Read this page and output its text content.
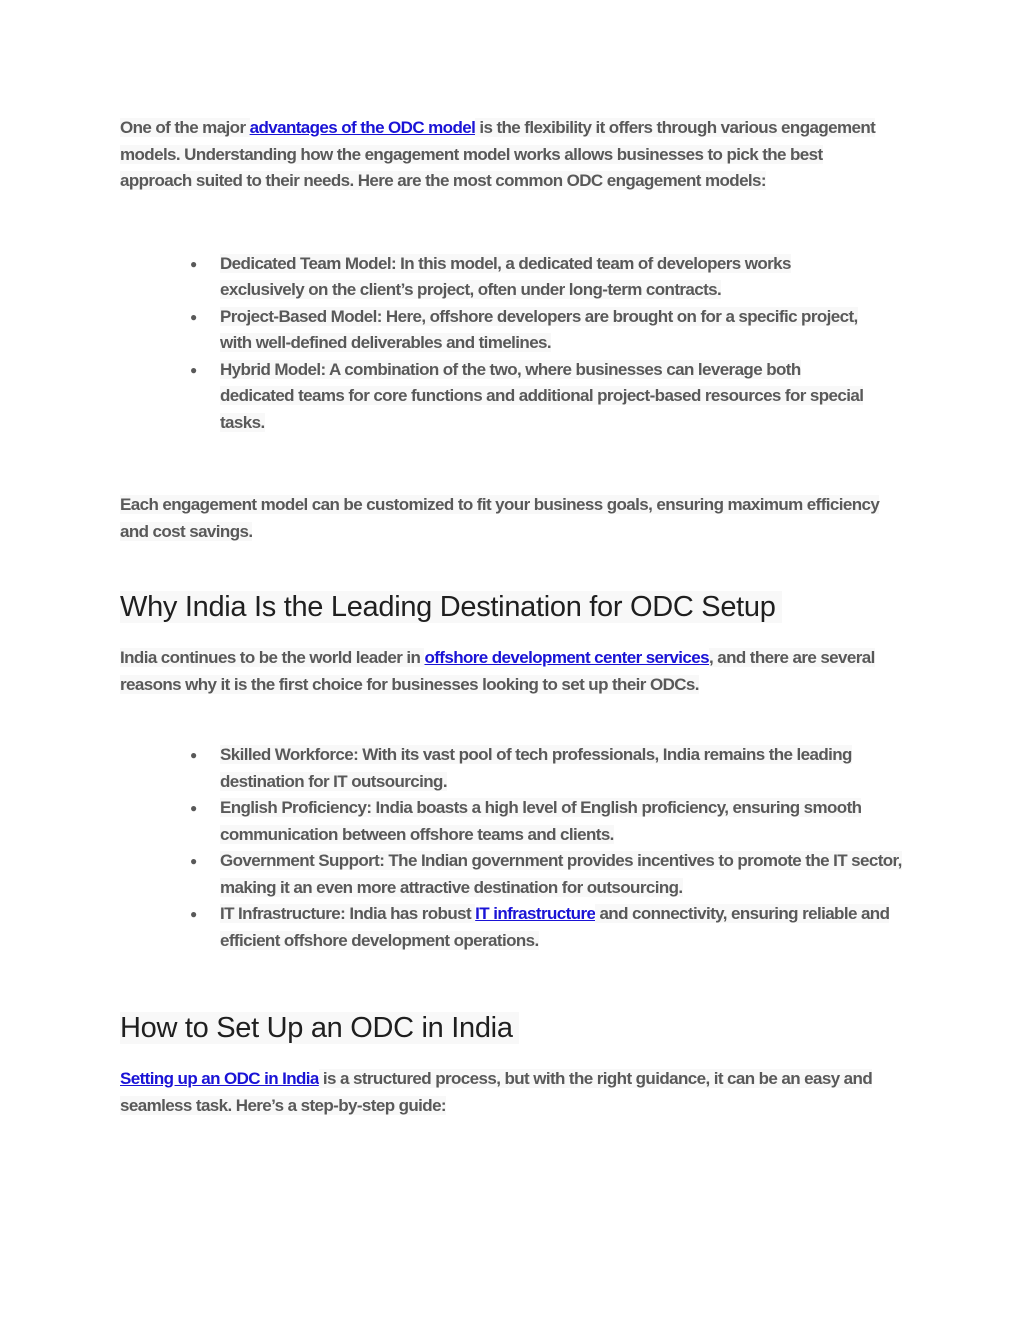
One of the major advantages of the ODC model is the flexibility it offers through various engagement models. Understanding how the engagement model works allows businesses to pick the best approach suited to their needs. Here are the most common ODC engagement models:

● Dedicated Team Model: In this model, a dedicated team of developers works exclusively on the client’s project, often under long-term contracts.
● Project-Based Model: Here, offshore developers are brought on for a specific project, with well-defined deliverables and timelines.
● Hybrid Model: A combination of the two, where businesses can leverage both dedicated teams for core functions and additional project-based resources for special tasks.

Each engagement model can be customized to fit your business goals, ensuring maximum efficiency and cost savings.

Why India Is the Leading Destination for ODC Setup

India continues to be the world leader in offshore development center services, and there are several reasons why it is the first choice for businesses looking to set up their ODCs.

● Skilled Workforce: With its vast pool of tech professionals, India remains the leading destination for IT outsourcing.
● English Proficiency: India boasts a high level of English proficiency, ensuring smooth communication between offshore teams and clients.
● Government Support: The Indian government provides incentives to promote the IT sector, making it an even more attractive destination for outsourcing.
● IT Infrastructure: India has robust IT infrastructure and connectivity, ensuring reliable and efficient offshore development operations.
How to Set Up an ODC in India

Setting up an ODC in India is a structured process, but with the right guidance, it can be an easy and seamless task. Here’s a step-by-step guide:
